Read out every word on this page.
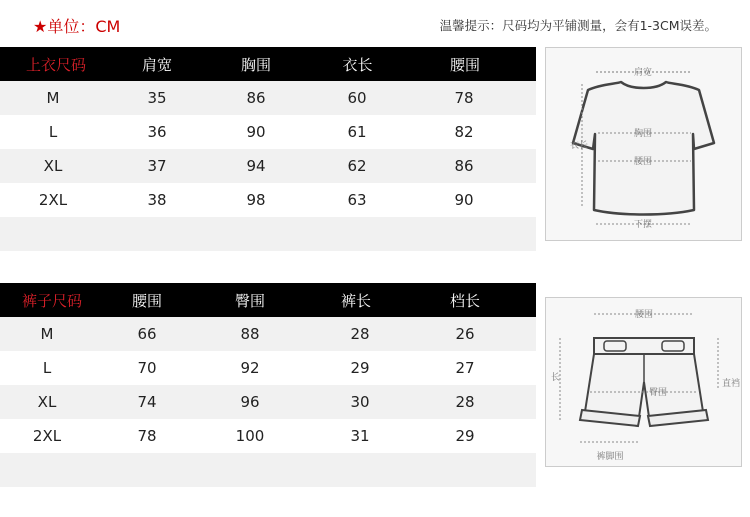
★单位：CM	温馨提示：尺码均为平铺测量，会有1-3CM误差。
上衣尺码	肩宽	胸围	衣长	腰围
M	35	86	60	78
L	36	90	61	82
XL	37	94	62	86
2XL	38	98	63	90
裤子尺码	腰围	臀围	裤长	档长
M	66	88	28	26
L	70	92	29	27
XL	74	96	30	28
2XL	78	100	31	29
肩宽
胸围
腰围
衣长
下摆
腰围
臀围
长
直裆
裤脚围
